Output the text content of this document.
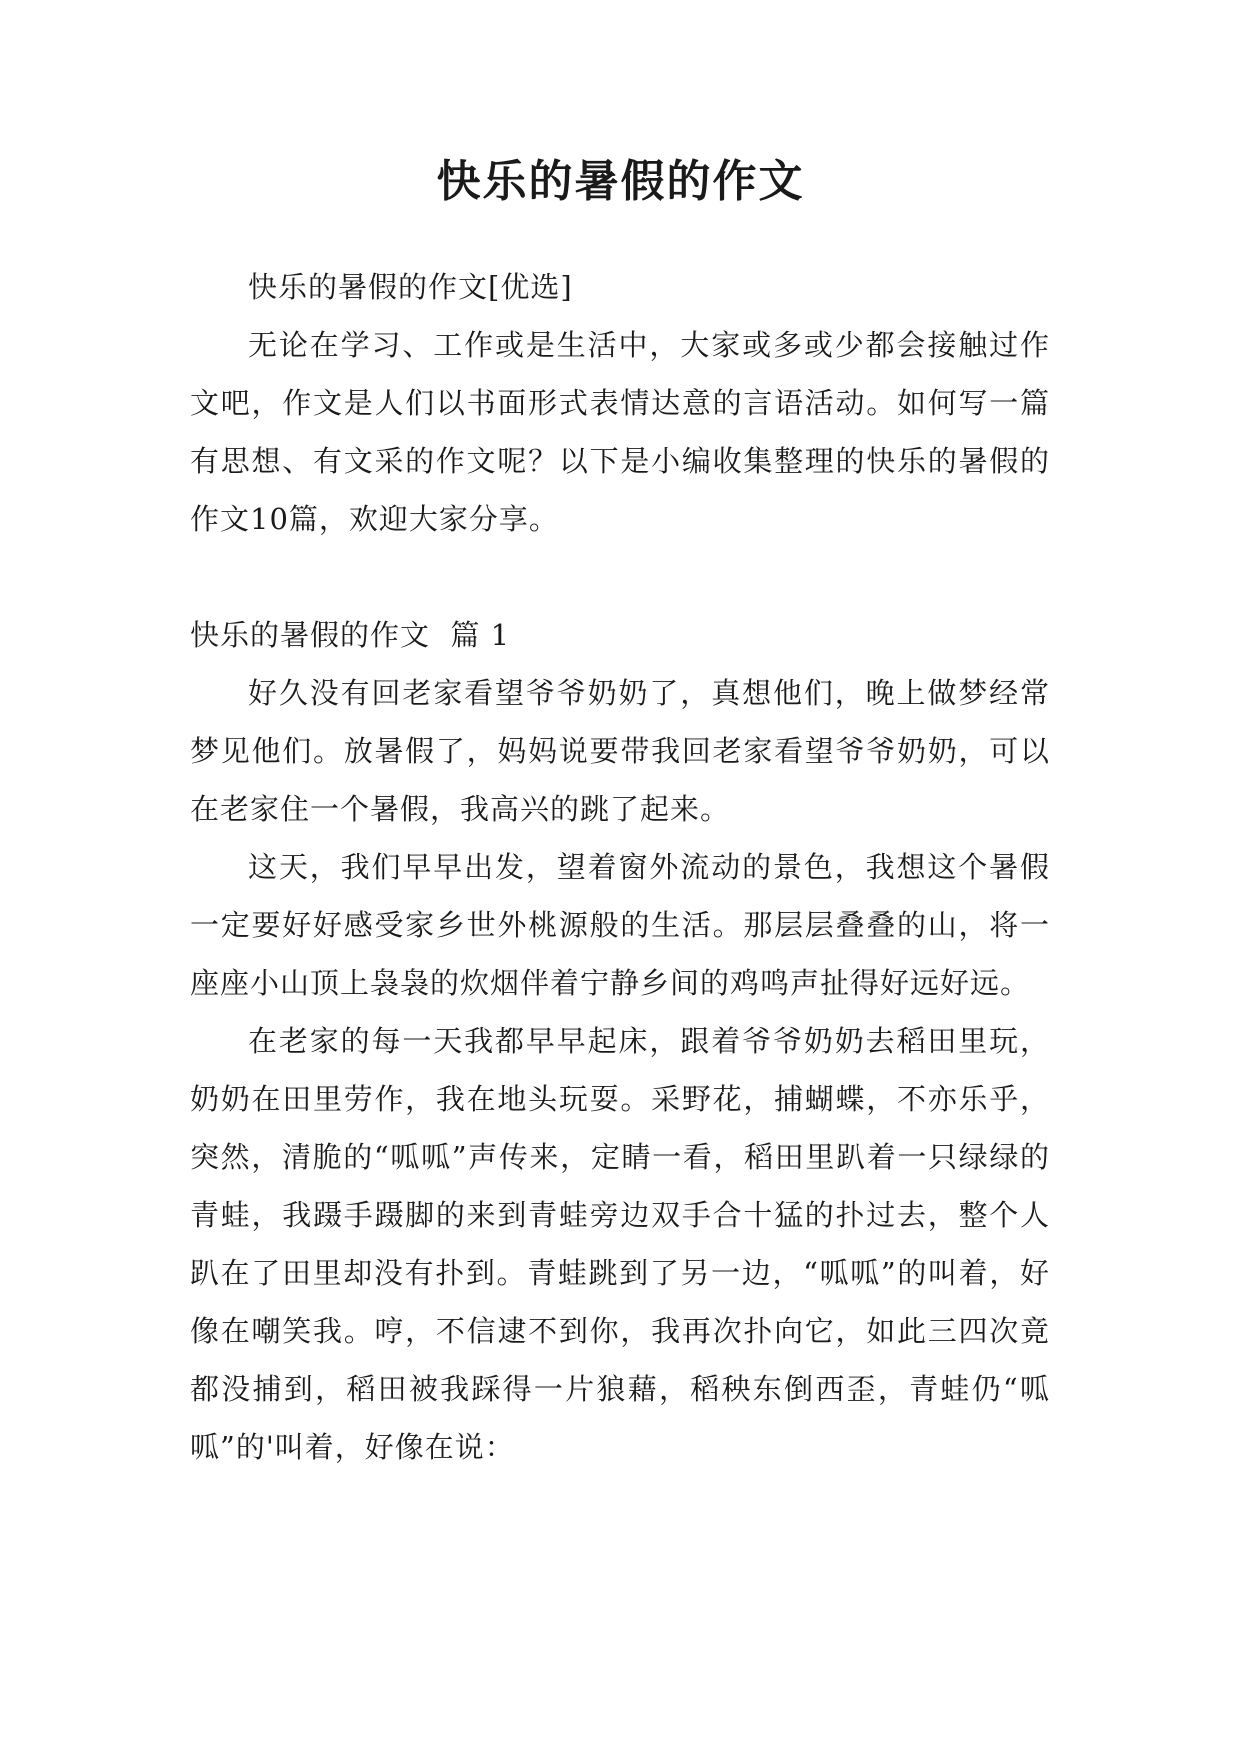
快乐的暑假的作文

快乐的暑假的作文[优选]

无论在学习、工作或是生活中，大家或多或少都会接触过作文吧，作文是人们以书面形式表情达意的言语活动。如何写一篇有思想、有文采的作文呢？以下是小编收集整理的快乐的暑假的作文10篇，欢迎大家分享。

快乐的暑假的作文  篇 1

好久没有回老家看望爷爷奶奶了，真想他们，晚上做梦经常梦见他们。放暑假了，妈妈说要带我回老家看望爷爷奶奶，可以在老家住一个暑假，我高兴的跳了起来。

这天，我们早早出发，望着窗外流动的景色，我想这个暑假一定要好好感受家乡世外桃源般的生活。那层层叠叠的山，将一座座小山顶上袅袅的炊烟伴着宁静乡间的鸡鸣声扯得好远好远。

在老家的每一天我都早早起床，跟着爷爷奶奶去稻田里玩，奶奶在田里劳作，我在地头玩耍。采野花，捕蝴蝶，不亦乐乎，突然，清脆的“呱呱”声传来，定睛一看，稻田里趴着一只绿绿的青蛙，我蹑手蹑脚的来到青蛙旁边双手合十猛的扑过去，整个人趴在了田里却没有扑到。青蛙跳到了另一边，“呱呱”的叫着，好像在嘲笑我。哼，不信逮不到你，我再次扑向它，如此三四次竟都没捕到，稻田被我踩得一片狼藉，稻秧东倒西歪，青蛙仍“呱呱”的'叫着，好像在说：
